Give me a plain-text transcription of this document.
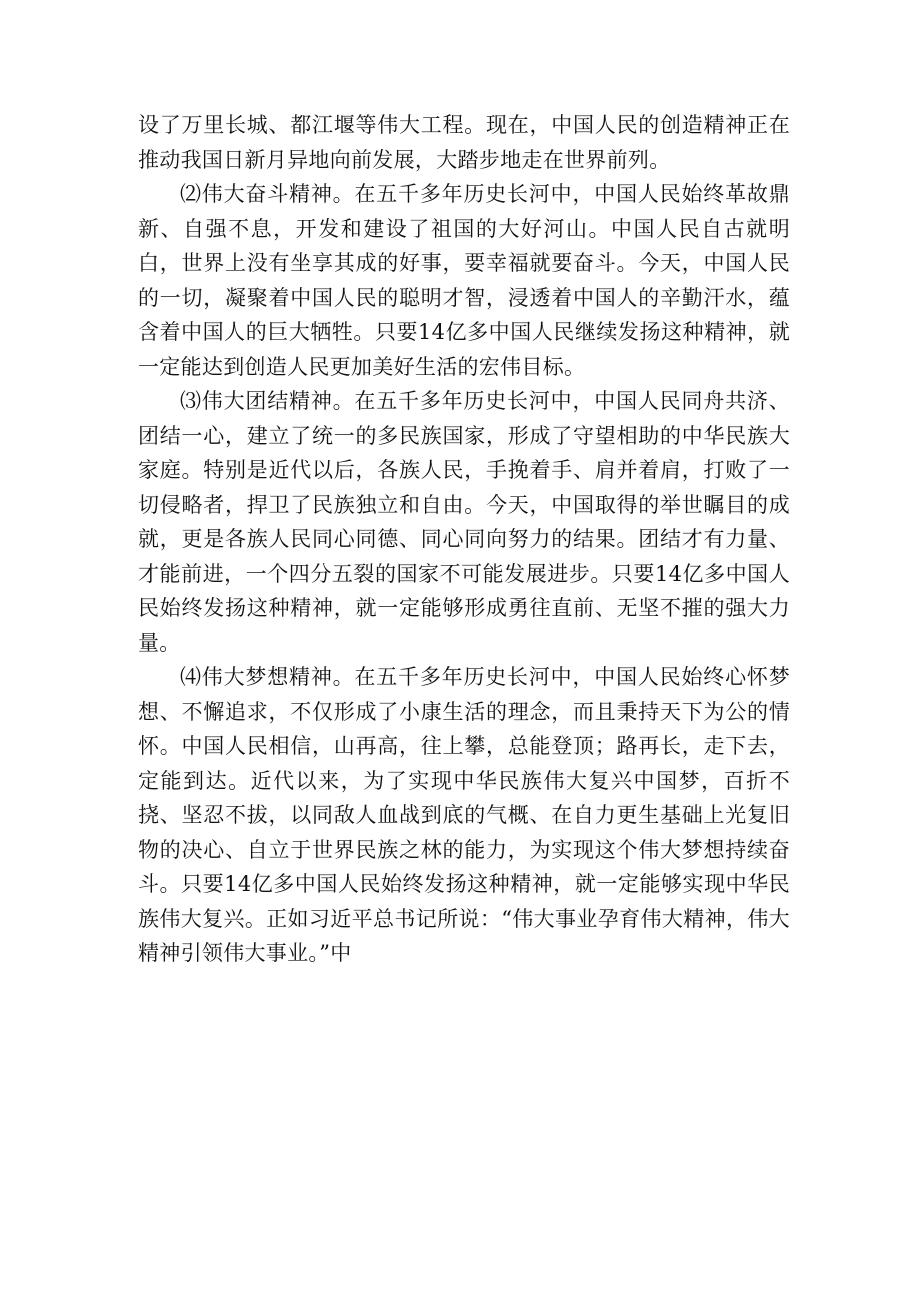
设了万里长城、都江堰等伟大工程。现在，中国人民的创造精神正在推动我国日新月异地向前发展，大踏步地走在世界前列。

⑵伟大奋斗精神。在五千多年历史长河中，中国人民始终革故鼎新、自强不息，开发和建设了祖国的大好河山。中国人民自古就明白，世界上没有坐享其成的好事，要幸福就要奋斗。今天，中国人民的一切，凝聚着中国人民的聪明才智，浸透着中国人的辛勤汗水，蕴含着中国人的巨大牺牲。只要14亿多中国人民继续发扬这种精神，就一定能达到创造人民更加美好生活的宏伟目标。

⑶伟大团结精神。在五千多年历史长河中，中国人民同舟共济、团结一心，建立了统一的多民族国家，形成了守望相助的中华民族大家庭。特别是近代以后，各族人民，手挽着手、肩并着肩，打败了一切侵略者，捍卫了民族独立和自由。今天，中国取得的举世瞩目的成就，更是各族人民同心同德、同心同向努力的结果。团结才有力量、才能前进，一个四分五裂的国家不可能发展进步。只要14亿多中国人民始终发扬这种精神，就一定能够形成勇往直前、无坚不摧的强大力量。

⑷伟大梦想精神。在五千多年历史长河中，中国人民始终心怀梦想、不懈追求，不仅形成了小康生活的理念，而且秉持天下为公的情怀。中国人民相信，山再高，往上攀，总能登顶；路再长，走下去，定能到达。近代以来，为了实现中华民族伟大复兴中国梦，百折不挠、坚忍不拔，以同敌人血战到底的气概、在自力更生基础上光复旧物的决心、自立于世界民族之林的能力，为实现这个伟大梦想持续奋斗。只要14亿多中国人民始终发扬这种精神，就一定能够实现中华民族伟大复兴。正如习近平总书记所说：“伟大事业孕育伟大精神，伟大精神引领伟大事业。”中
